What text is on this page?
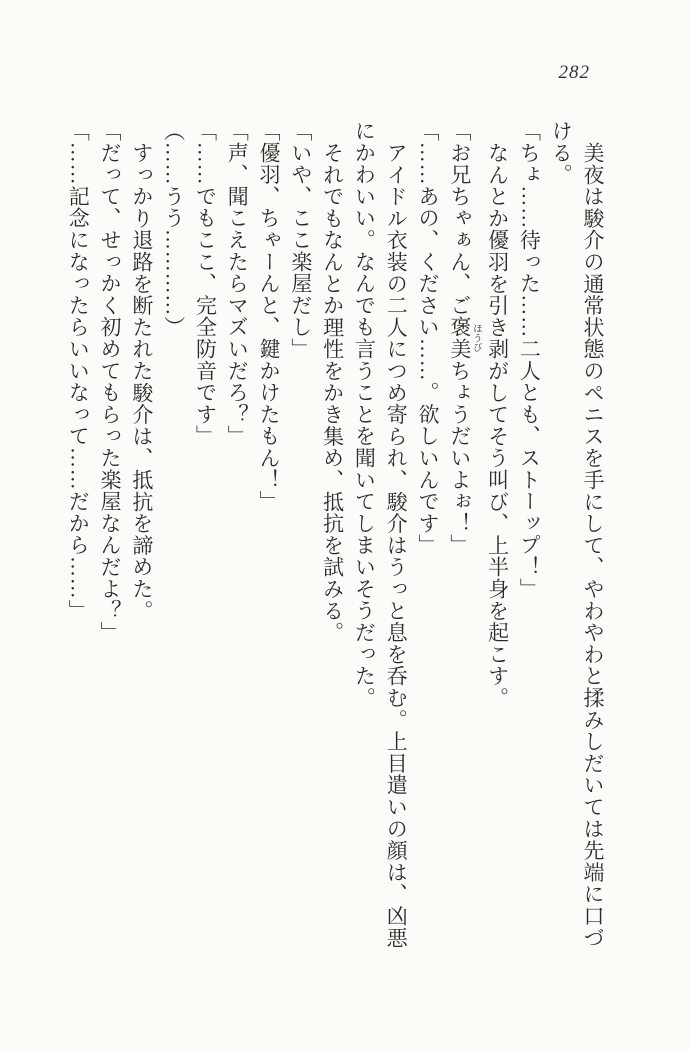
282
美夜は駿介の通常状態のペニスを手にして、やわやわと揉みしだいては先端に口づ
ける。
「ちょ……待った……二人とも、ストーップ！」
なんとか優羽を引き剥がしてそう叫び、上半身を起こす。
「お兄ちゃぁん、ご褒美 ほうびちょうだいよぉ！」
「……あの、ください……。欲しいんです」
アイドル衣装の二人につめ寄られ、駿介はうっと息を呑む。上目遣いの顔は、凶悪
にかわいい。なんでも言うことを聞いてしまいそうだった。
それでもなんとか理性をかき集め、抵抗を試みる。
「いや、ここ楽屋だし」
「優羽、ちゃーんと、鍵かけたもん！」
「声、聞こえたらマズいだろ？」
「……でもここ、完全防音です」
（……うう…………）
すっかり退路を断たれた駿介は、抵抗を諦めた。
「だって、せっかく初めてもらった楽屋なんだよ？」
「……記念になったらいいなって……だから……」
